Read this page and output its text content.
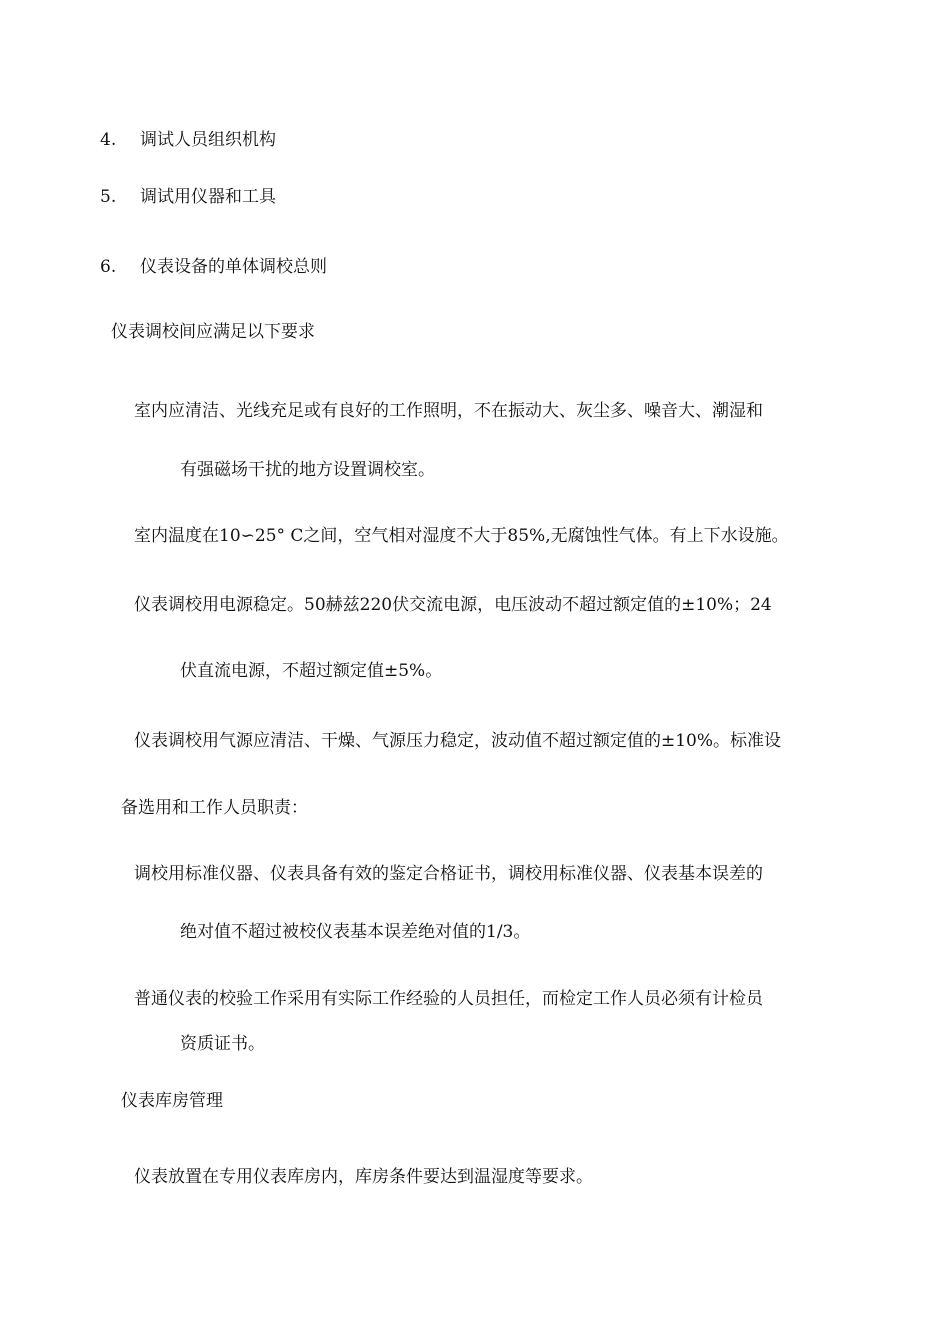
4. 调试人员组织机构
5. 调试用仪器和工具
6. 仪表设备的单体调校总则
仪表调校间应满足以下要求
室内应清洁、光线充足或有良好的工作照明，不在振动大、灰尘多、噪音大、潮湿和
有强磁场干扰的地方设置调校室。
室内温度在10∽25° C之间，空气相对湿度不大于85%,无腐蚀性气体。有上下水设施。
仪表调校用电源稳定。50赫兹220伏交流电源，电压波动不超过额定值的±10%；24
伏直流电源，不超过额定值±5%。
仪表调校用气源应清洁、干燥、气源压力稳定，波动值不超过额定值的±10%。标准设
备选用和工作人员职责：
调校用标准仪器、仪表具备有效的鉴定合格证书，调校用标准仪器、仪表基本误差的
绝对值不超过被校仪表基本误差绝对值的1/3。
普通仪表的校验工作采用有实际工作经验的人员担任，而检定工作人员必须有计检员
资质证书。
仪表库房管理
仪表放置在专用仪表库房内，库房条件要达到温湿度等要求。
